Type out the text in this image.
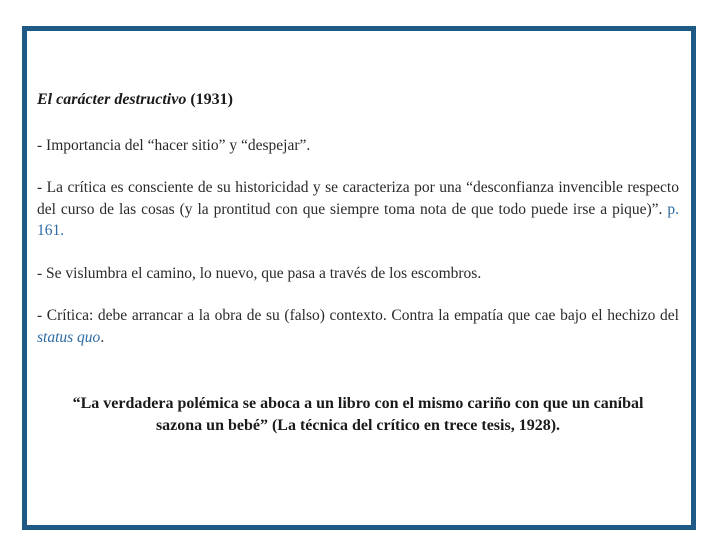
El carácter destructivo (1931)
- Importancia del “hacer sitio” y “despejar”.
- La crítica es consciente de su historicidad y se caracteriza por una “desconfianza invencible respecto del curso de las cosas (y la prontitud con que siempre toma nota de que todo puede irse a pique)”. p. 161.
- Se vislumbra el camino, lo nuevo, que pasa a través de los escombros.
- Crítica: debe arrancar a la obra de su (falso) contexto. Contra la empatía que cae bajo el hechizo del status quo.
“La verdadera polémica se aboca a un libro con el mismo cariño con que un caníbal sazona un bebé” (La técnica del crítico en trece tesis, 1928).
